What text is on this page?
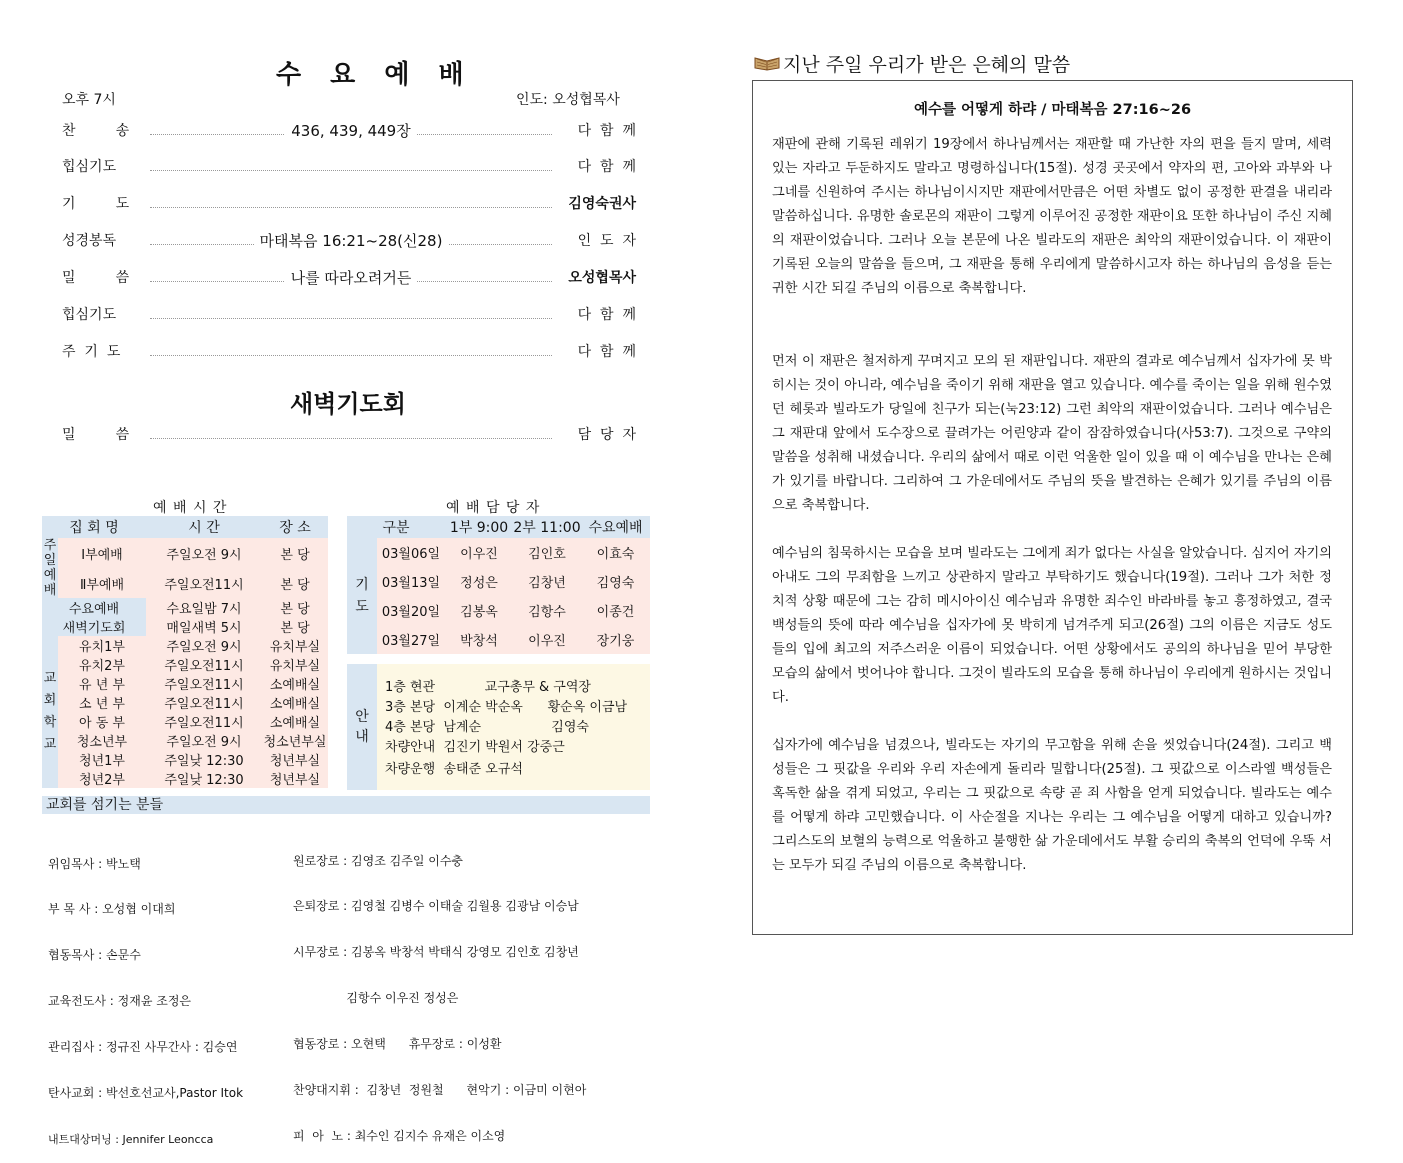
수 요 예 배
오후 7시	인도: 오성협목사
찬         송	436, 439, 449장	다  함  께
힙심기도	다  함  께
기         도	김영숙권사
성경봉독	마태복음 16:21~28(신28)	인  도  자
밀         씀	나를 따라오려거든	오성협목사
힙심기도	다  함  께
주  기  도	다  함  께
새벽기도회
밀         씀	담  당  자
예 배 시 간
집 회 명		시 간	장 소
주일예배	Ⅰ부예배	주일오전 9시	본 당
	Ⅱ부예배	주일오전11시	본 당
수요예배		수요일밤 7시	본 당
새벽기도회		매일새벽 5시	본 당
교회학교	유치1부	주일오전 9시	유치부실
	유치2부	주일오전11시	유치부실
	유 년 부	주일오전11시	소예배실
	소 년 부	주일오전11시	소예배실
	아 동 부	주일오전11시	소예배실
	청소년부	주일오전 9시	청소년부실
	청년1부	주일낮 12:30	청년부실
	청년2부	주일낮 12:30	청년부실
예 배 담 당 자
구분		1부 9:00	2부 11:00	수요예배
기도	03월06일	이우진	김인호	이효숙
	03월13일	정성은	김창년	김영숙
	03월20일	김봉옥	김항수	이종건
	03월27일	박창석	이우진	장기웅
안내
1층 현관            교구총무 & 구역장
3층 본당  이계순 박순옥      황순옥 이금남
4층 본당  남계순                 김영숙
차량안내  김진기 박원서 강중근
차량운행  송태준 오규석
교회를 섬기는 분들

위임목사 : 박노택

부 목 사 : 오성협 이대희

협동목사 : 손문수

교육전도사 : 정재윤 조정은

관리집사 : 정규진 사무간사 : 김승연

탄사교회 : 박선호선교사,Pastor Itok

내트대상머닝 : Jennifer Leoncca

원로장로 : 김영조 김주일 이수충

은퇴장로 : 김영철 김병수 이태술 김월용 김광남 이승남

시무장로 : 김봉옥 박창석 박태식 강영모 김인호 김창년

김항수 이우진 정성은

협동장로 : 오현택      휴무장로 : 이성환

찬양대지휘 :  김창년  정원철      현악기 : 이금미 이현아

피  아  노 : 최수인 김지수 유재은 이소영

지난 주일 우리가 받은 은혜의 말씀
예수를 어떻게 하랴 / 마태복음 27:16~26
재판에 관해 기록된 레위기 19장에서 하나님께서는 재판할 때 가난한 자의 편을 들지 말며, 세력 있는 자라고 두둔하지도 말라고 명령하십니다(15절). 성경 곳곳에서 약자의 편, 고아와 과부와 나그네를 신원하여 주시는 하나님이시지만 재판에서만큼은 어떤 차별도 없이 공정한 판결을 내리라 말씀하십니다. 유명한 솔로몬의 재판이 그렇게 이루어진 공정한 재판이요 또한 하나님이 주신 지혜의 재판이었습니다. 그러나 오늘 본문에 나온 빌라도의 재판은 최악의 재판이었습니다. 이 재판이 기록된 오늘의 말씀을 들으며, 그 재판을 통해 우리에게 말씀하시고자 하는 하나님의 음성을 듣는 귀한 시간 되길 주님의 이름으로 축복합니다.
먼저 이 재판은 철저하게 꾸며지고 모의 된 재판입니다. 재판의 결과로 예수님께서 십자가에 못 박히시는 것이 아니라, 예수님을 죽이기 위해 재판을 열고 있습니다. 예수를 죽이는 일을 위해 원수였던 헤롯과 빌라도가 당일에 친구가 되는(눅23:12) 그런 최악의 재판이었습니다. 그러나 예수님은 그 재판대 앞에서 도수장으로 끌려가는 어린양과 같이 잠잠하였습니다(사53:7). 그것으로 구약의 말씀을 성취해 내셨습니다. 우리의 삶에서 때로 이런 억울한 일이 있을 때 이 예수님을 만나는 은혜가 있기를 바랍니다. 그리하여 그 가운데에서도 주님의 뜻을 발견하는 은혜가 있기를 주님의 이름으로 축복합니다.
예수님의 침묵하시는 모습을 보며 빌라도는 그에게 죄가 없다는 사실을 알았습니다. 심지어 자기의 아내도 그의 무죄함을 느끼고 상관하지 말라고 부탁하기도 했습니다(19절). 그러나 그가 처한 정치적 상황 때문에 그는 감히 메시아이신 예수님과 유명한 죄수인 바라바를 놓고 흥정하였고, 결국 백성들의 뜻에 따라 예수님을 십자가에 못 박히게 넘겨주게 되고(26절) 그의 이름은 지금도 성도들의 입에 최고의 저주스러운 이름이 되었습니다. 어떤 상황에서도 공의의 하나님을 믿어 부당한 모습의 삶에서 벗어나야 합니다. 그것이 빌라도의 모습을 통해 하나님이 우리에게 원하시는 것입니다.
십자가에 예수님을 넘겼으나, 빌라도는 자기의 무고함을 위해 손을 씻었습니다(24절). 그리고 백성들은 그 핏값을 우리와 우리 자손에게 돌리라 밀합니다(25절). 그 핏값으로 이스라엘 백성들은 혹독한 삶을 겪게 되었고, 우리는 그 핏값으로 속량 곧 죄 사함을 얻게 되었습니다. 빌라도는 예수를 어떻게 하랴 고민했습니다. 이 사순절을 지나는 우리는 그 예수님을 어떻게 대하고 있습니까? 그리스도의 보혈의 능력으로 억울하고 불행한 삶 가운데에서도 부활 승리의 축복의 언덕에 우뚝 서는 모두가 되길 주님의 이름으로 축복합니다.
